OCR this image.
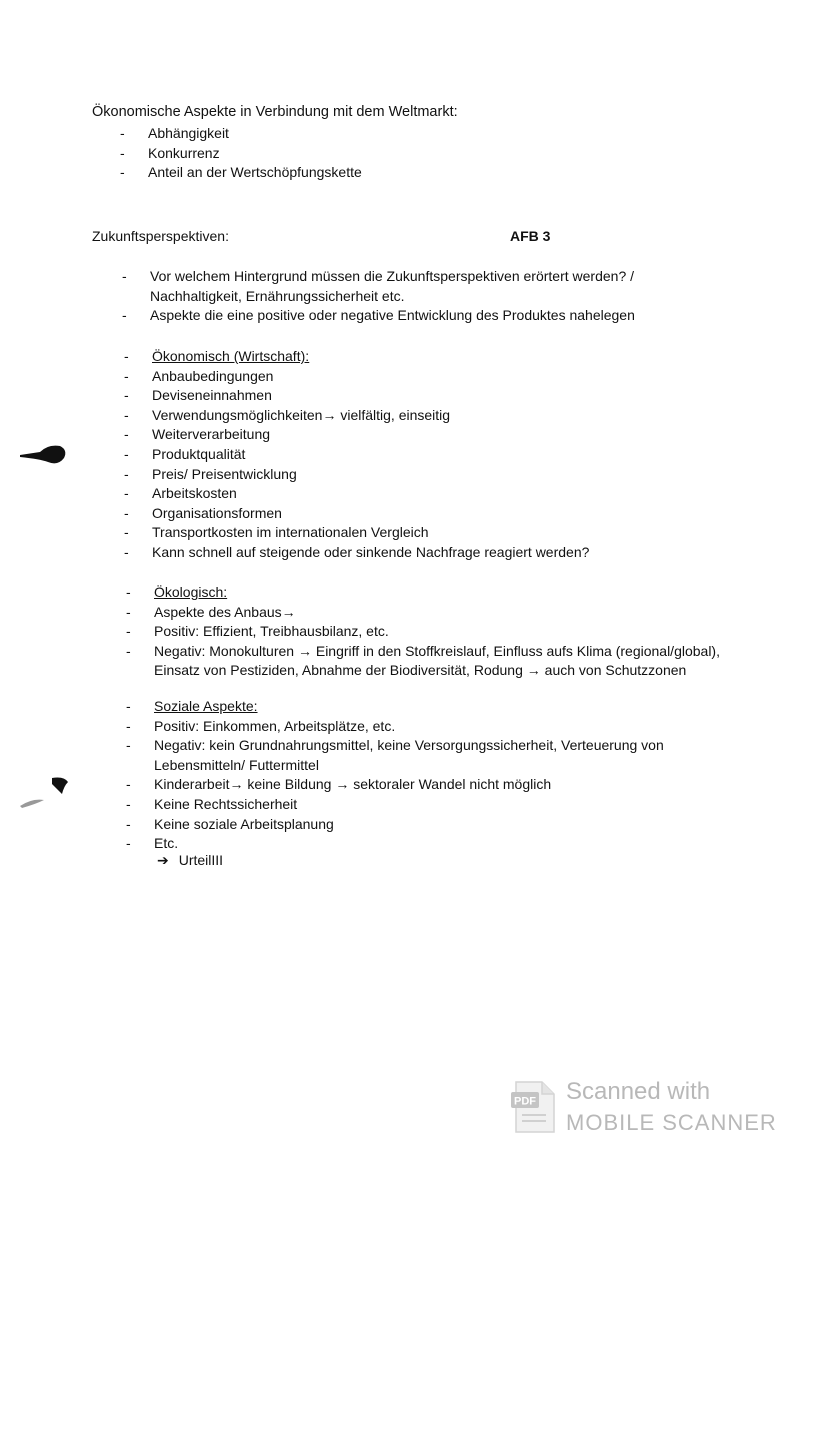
Ökonomische Aspekte in Verbindung mit dem Weltmarkt:
- Abhängigkeit
- Konkurrenz
- Anteil an der Wertschöpfungskette
Zukunftsperspektiven:	AFB 3
- Vor welchem Hintergrund müssen die Zukunftsperspektiven erörtert werden? /
Nachhaltigkeit, Ernährungssicherheit etc.
- Aspekte die eine positive oder negative Entwicklung des Produktes nahelegen
- Ökonomisch (Wirtschaft):
- Anbaubedingungen
- Deviseneinnahmen
- Verwendungsmöglichkeiten→ vielfältig, einseitig
- Weiterverarbeitung
- Produktqualität
- Preis/ Preisentwicklung
- Arbeitskosten
- Organisationsformen
- Transportkosten im internationalen Vergleich
- Kann schnell auf steigende oder sinkende Nachfrage reagiert werden?
- Ökologisch:
- Aspekte des Anbaus→
- Positiv: Effizient, Treibhausbilanz, etc.
- Negativ: Monokulturen → Eingriff in den Stoffkreislauf, Einfluss aufs Klima (regional/global),
Einsatz von Pestiziden, Abnahme der Biodiversität, Rodung → auch von Schutzzonen
- Soziale Aspekte:
- Positiv: Einkommen, Arbeitsplätze, etc.
- Negativ: kein Grundnahrungsmittel, keine Versorgungssicherheit, Verteuerung von
Lebensmitteln/ Futtermittel
- Kinderarbeit→ keine Bildung → sektoraler Wandel nicht möglich
- Keine Rechtssicherheit
- Keine soziale Arbeitsplanung
- Etc.
➔ UrteilIII
PDF Scanned with
MOBILE SCANNER
